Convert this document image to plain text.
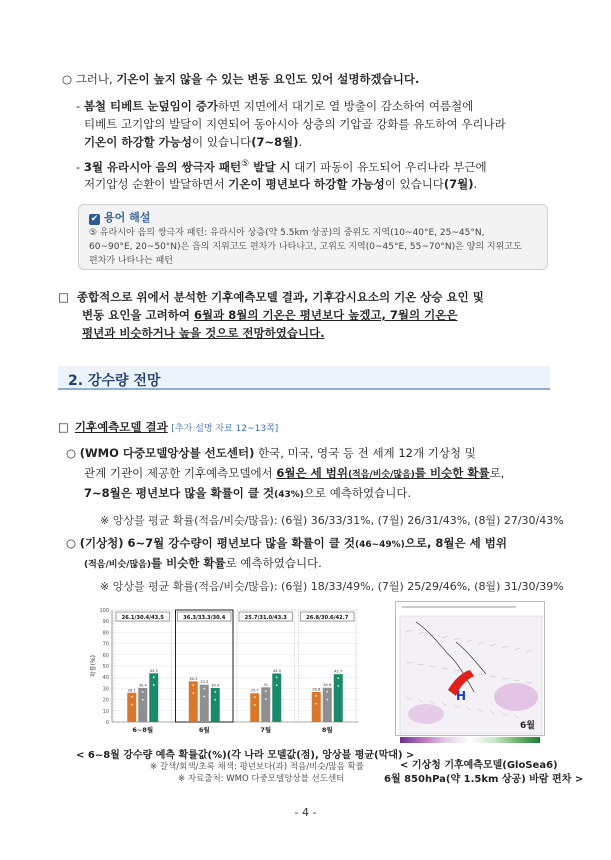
○ 그러나, 기온이 높지 않을 수 있는 변동 요인도 있어 설명하겠습니다.
- 봄철 티베트 눈덮임이 증가하면 지면에서 대기로 열 방출이 감소하여 여름철에
티베트 고기압의 발달이 지연되어 동아시아 상층의 기압골 강화를 유도하여 우리나라
기온이 하강할 가능성이 있습니다(7~8월).
- 3월 유라시아 음의 쌍극자 패턴⑤ 발달 시 대기 파동이 유도되어 우리나라 부근에
저기압성 순환이 발달하면서 기온이 평년보다 하강할 가능성이 있습니다(7월).
✔ 용어 해설
⑤ 유라시아 음의 쌍극자 패턴: 유라시아 상층(약 5.5km 상공)의 중위도 지역(10~40°E, 25~45°N,
60~90°E, 20~50°N)은 음의 지위고도 편차가 나타나고, 고위도 지역(0~45°E, 55~70°N)은 양의 지위고도
편차가 나타나는 패턴
□ 종합적으로 위에서 분석한 기후예측모델 결과, 기후감시요소의 기온 상승 요인 및
변동 요인을 고려하여 6월과 8월의 기온은 평년보다 높겠고, 7월의 기온은
평년과 비슷하거나 높을 것으로 전망하였습니다.
2. 강수량 전망
□ 기후예측모델 결과 [추가 설명 자료 12~13쪽]
○ (WMO 다중모델앙상블 선도센터) 한국, 미국, 영국 등 전 세계 12개 기상청 및
관계 기관이 제공한 기후예측모델에서 6월은 세 범위(적음/비슷/많음)를 비슷한 확률로,
7~8월은 평년보다 많을 확률이 클 것(43%)으로 예측하였습니다.
※ 앙상블 평균 확률(적음/비슷/많음): (6월) 36/33/31%, (7월) 26/31/43%, (8월) 27/30/43%
○ (기상청) 6~7월 강수량이 평년보다 많을 확률이 클 것(46~49%)으로, 8월은 세 범위
(적음/비슷/많음)를 비슷한 확률로 예측하였습니다.
※ 앙상블 평균 확률(적음/비슷/많음): (6월) 18/33/49%, (7월) 25/29/46%, (8월) 31/30/39%
0
10
20
30
40
50
60
70
80
90
100
확률(%)
26.1/30.4/43.5
26.1
30.4
43.5
6~8월
36.3/33.3/30.4
36.3
33.3
30.4
6월
25.7/31.0/43.3
25.7
31
43.3
7월
26.8/30.6/42.7
26.8
30.6
42.7
8월
H
6월
< 6~8월 강수량 예측 확률값(%)(각 나라 모델값(점), 앙상블 평균(막대) >
※ 갈색/회색/초록 채색: 평년보다(과) 적음/비슷/많음 확률
※ 자료출처: WMO 다중모델앙상블 선도센터
< 기상청 기후예측모델(GloSea6)
6월 850hPa(약 1.5km 상공) 바람 편차 >
- 4 -
